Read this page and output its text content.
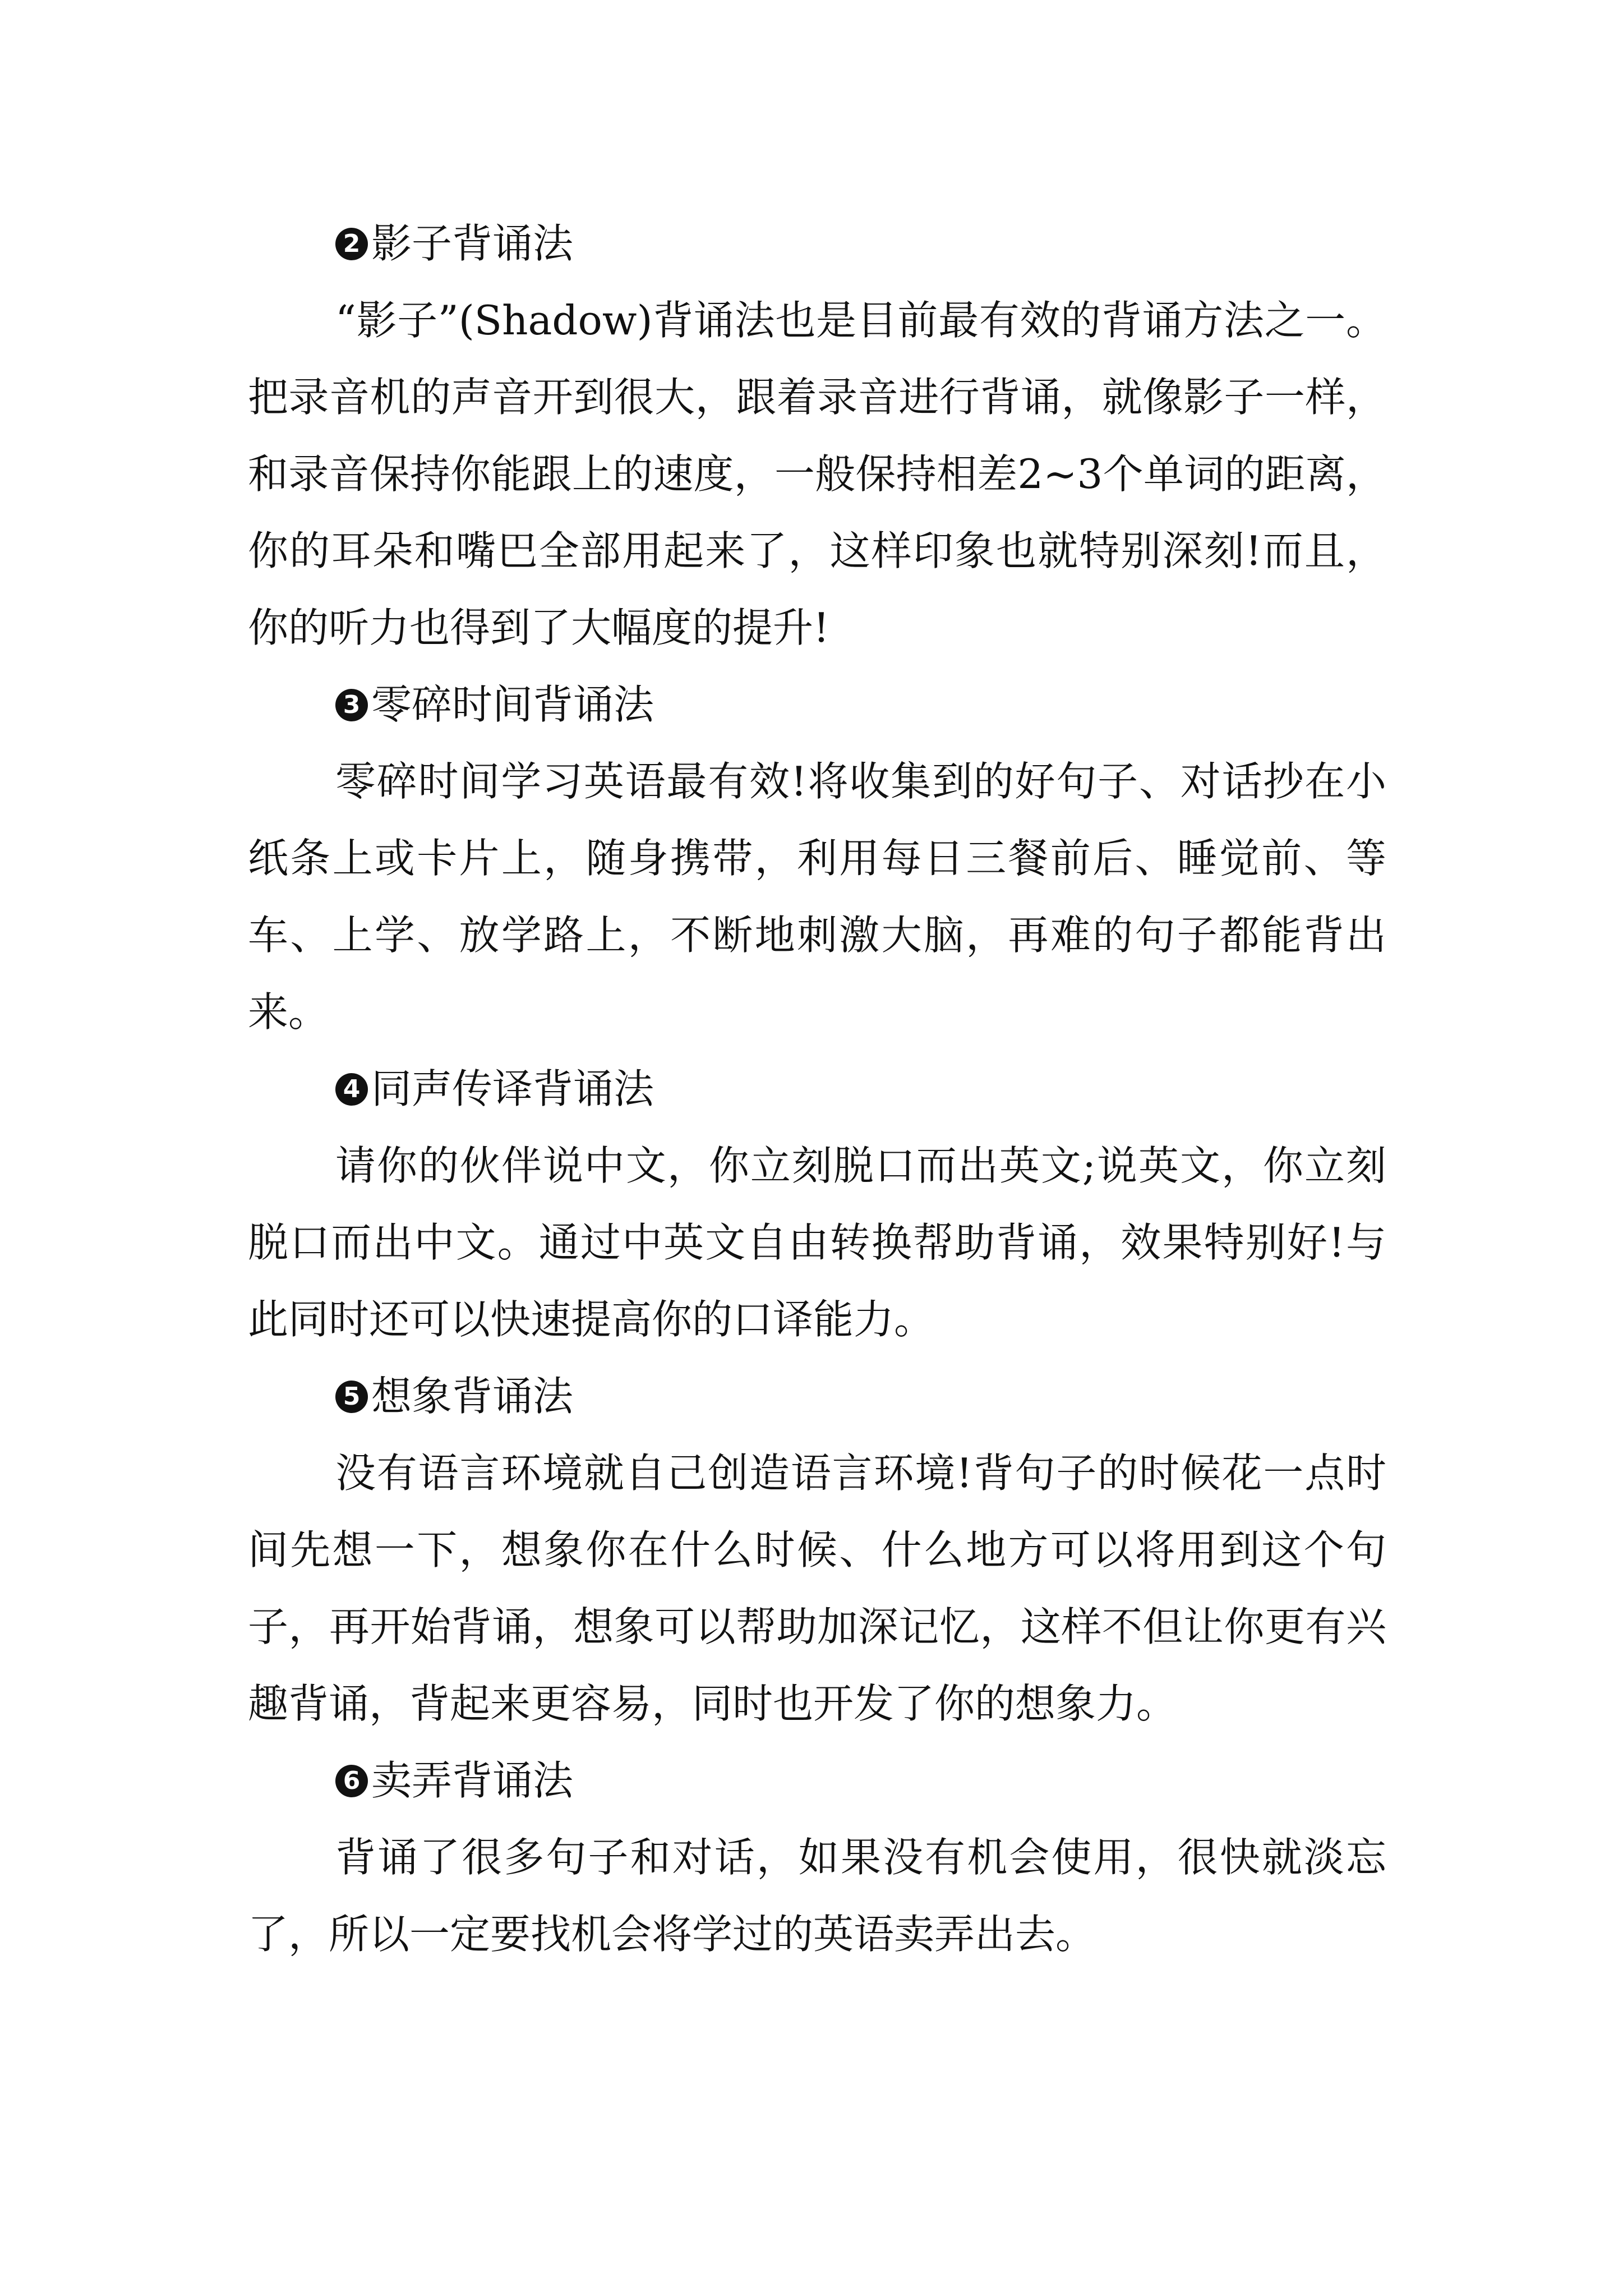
2 影子背诵法

“影子”(Shadow)背诵法也是目前最有效的背诵方法之一。把录音机的声音开到很大，跟着录音进行背诵，就像影子一样，和录音保持你能跟上的速度，一般保持相差2~3个单词的距离，你的耳朵和嘴巴全部用起来了，这样印象也就特别深刻!而且，你的听力也得到了大幅度的提升!

3 零碎时间背诵法

零碎时间学习英语最有效!将收集到的好句子、对话抄在小纸条上或卡片上，随身携带，利用每日三餐前后、睡觉前、等车、上学、放学路上，不断地刺激大脑，再难的句子都能背出来。

4 同声传译背诵法

请你的伙伴说中文，你立刻脱口而出英文;说英文，你立刻脱口而出中文。通过中英文自由转换帮助背诵，效果特别好!与此同时还可以快速提高你的口译能力。

5 想象背诵法

没有语言环境就自己创造语言环境!背句子的时候花一点时间先想一下，想象你在什么时候、什么地方可以将用到这个句子，再开始背诵，想象可以帮助加深记忆，这样不但让你更有兴趣背诵，背起来更容易，同时也开发了你的想象力。

6 卖弄背诵法

背诵了很多句子和对话，如果没有机会使用，很快就淡忘了，所以一定要找机会将学过的英语卖弄出去。
